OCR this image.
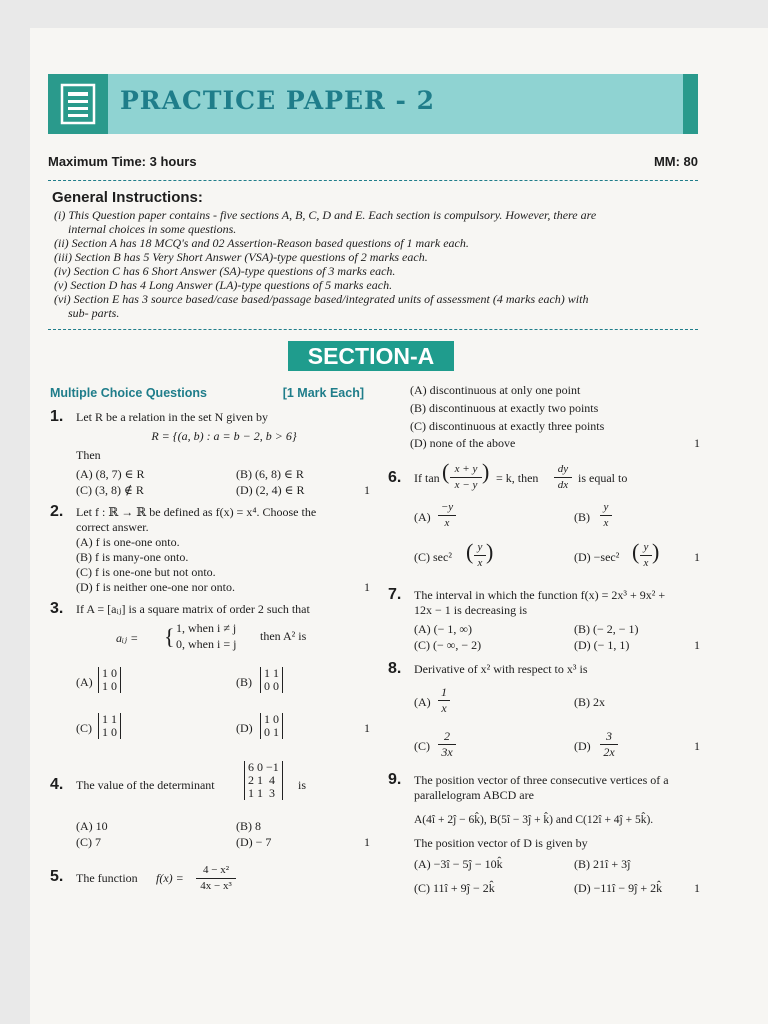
PRACTICE PAPER - 2
Maximum Time: 3 hours	MM: 80
General Instructions:
(i) This Question paper contains - five sections A, B, C, D and E. Each section is compulsory. However, there are
internal choices in some questions.
(ii) Section A has 18 MCQ's and 02 Assertion-Reason based questions of 1 mark each.
(iii) Section B has 5 Very Short Answer (VSA)-type questions of 2 marks each.
(iv) Section C has 6 Short Answer (SA)-type questions of 3 marks each.
(v) Section D has 4 Long Answer (LA)-type questions of 5 marks each.
(vi) Section E has 3 source based/case based/passage based/integrated units of assessment (4 marks each) with
sub- parts.
SECTION-A
Multiple Choice Questions	[1 Mark Each]
1. Let R be a relation in the set N given by
R = {(a, b) : a = b − 2, b > 6}
Then
(A) (8, 7) ∈ R	(B) (6, 8) ∈ R
(C) (3, 8) ∉ R	(D) (2, 4) ∈ R	1
2. Let f : ℝ → ℝ be defined as f(x) = x⁴. Choose the
correct answer.
(A) f is one-one onto.
(B) f is many-one onto.
(C) f is one-one but not onto.
(D) f is neither one-one nor onto.	1
3. If A = [aᵢⱼ] is a square matrix of order 2 such that
aᵢⱼ = { 1, when i ≠ j
0, when i = j
then A² is
(A)
1 0
1 0	(B)
1 1
0 0
(C)
1 1
1 0	(D)
1 0
0 1	1
4. The value of the determinant
6 0 −1
2 1  4
1 1  3
is
(A) 10	(B) 8
(C) 7	(D) − 7	1
5. The function f(x) =
4 − x²
4x − x³
(A) discontinuous at only one point
(B) discontinuous at exactly two points
(C) discontinuous at exactly three points
(D) none of the above	1
6. If tan ( x + y
x − y
) = k, then
dy
dx is equal to
(A)
−y
x	(B)
y
x
(C) sec² ( y
x )	(D) −sec² ( y
x )	1
7. The interval in which the function f(x) = 2x³ + 9x² +
12x − 1 is decreasing is
(A) (− 1, ∞)	(B) (− 2, − 1)
(C) (− ∞, − 2)	(D) (− 1, 1)	1
8. Derivative of x² with respect to x³ is
(A)
1
x	(B) 2x
(C)
2
3x	(D)
3
2x	1
9. The position vector of three consecutive vertices of a
parallelogram ABCD are
A(4î + 2ĵ − 6k̂), B(5î − 3ĵ + k̂) and C(12î + 4ĵ + 5k̂).
The position vector of D is given by
(A) −3î − 5ĵ − 10k̂	(B) 21î + 3ĵ
(C) 11î + 9ĵ − 2k̂	(D) −11î − 9ĵ + 2k̂	1
